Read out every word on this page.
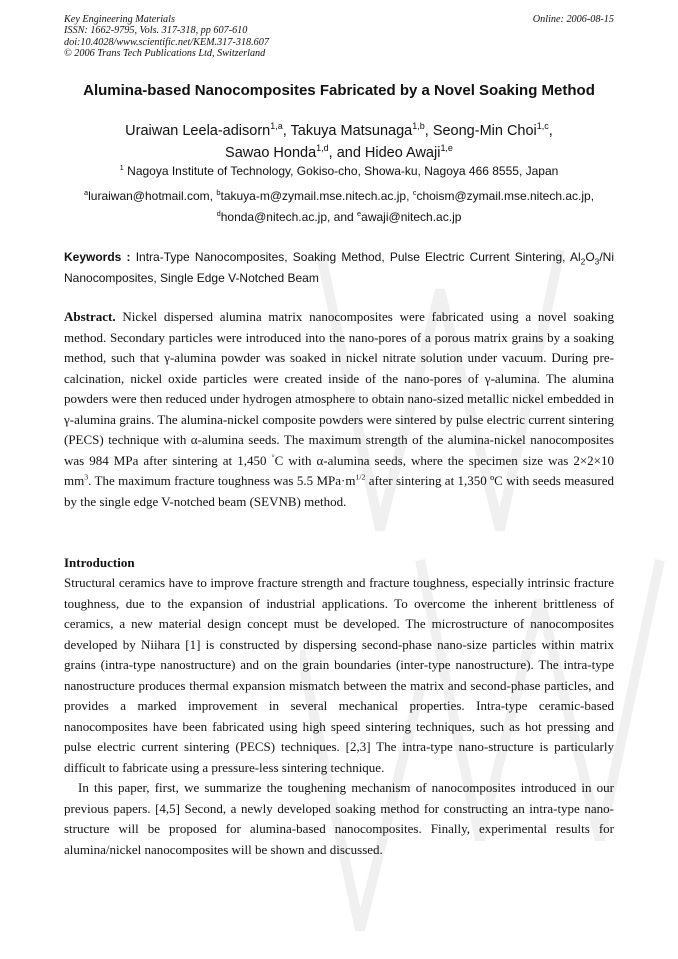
Key Engineering Materials
ISSN: 1662-9795, Vols. 317-318, pp 607-610
doi:10.4028/www.scientific.net/KEM.317-318.607
© 2006 Trans Tech Publications Ltd, Switzerland
Online: 2006-08-15
Alumina-based Nanocomposites Fabricated by a Novel Soaking Method
Uraiwan Leela-adisorn$^{1,a}$, Takuya Matsunaga$^{1,b}$, Seong-Min Choi$^{1,c}$,
Sawao Honda$^{1,d}$, and Hideo Awaji$^{1,e}$
$^1$ Nagoya Institute of Technology, Gokiso-cho, Showa-ku, Nagoya 466 8555, Japan
$^a$luraiwan@hotmail.com, $^b$takuya-m@zymail.mse.nitech.ac.jp, $^c$choism@zymail.mse.nitech.ac.jp,
$^d$honda@nitech.ac.jp, and $^e$awaji@nitech.ac.jp
Keywords : Intra-Type Nanocomposites, Soaking Method, Pulse Electric Current Sintering, $Al_2O_3/Ni$ Nanocomposites, Single Edge V-Notched Beam
Abstract. Nickel dispersed alumina matrix nanocomposites were fabricated using a novel soaking method. Secondary particles were introduced into the nano-pores of a porous matrix grains by a soaking method, such that γ-alumina powder was soaked in nickel nitrate solution under vacuum. During pre-calcination, nickel oxide particles were created inside of the nano-pores of γ-alumina. The alumina powders were then reduced under hydrogen atmosphere to obtain nano-sized metallic nickel embedded in γ-alumina grains. The alumina-nickel composite powders were sintered by pulse electric current sintering (PECS) technique with α-alumina seeds. The maximum strength of the alumina-nickel nanocomposites was 984 MPa after sintering at 1,450 °C with α-alumina seeds, where the specimen size was 2×2×10 $mm^3$. The maximum fracture toughness was 5.5 $MPa\cdot m^{1/2}$ after sintering at 1,350 ºC with seeds measured by the single edge V-notched beam (SEVNB) method.
Introduction

Structural ceramics have to improve fracture strength and fracture toughness, especially intrinsic fracture toughness, due to the expansion of industrial applications. To overcome the inherent brittleness of ceramics, a new material design concept must be developed. The microstructure of nanocomposites developed by Niihara [1] is constructed by dispersing second-phase nano-size particles within matrix grains (intra-type nanostructure) and on the grain boundaries (inter-type nanostructure). The intra-type nanostructure produces thermal expansion mismatch between the matrix and second-phase particles, and provides a marked improvement in several mechanical properties. Intra-type ceramic-based nanocomposites have been fabricated using high speed sintering techniques, such as hot pressing and pulse electric current sintering (PECS) techniques. [2,3] The intra-type nano-structure is particularly difficult to fabricate using a pressure-less sintering technique.

In this paper, first, we summarize the toughening mechanism of nanocomposites introduced in our previous papers. [4,5] Second, a newly developed soaking method for constructing an intra-type nano-structure will be proposed for alumina-based nanocomposites. Finally, experimental results for alumina/nickel nanocomposites will be shown and discussed.
